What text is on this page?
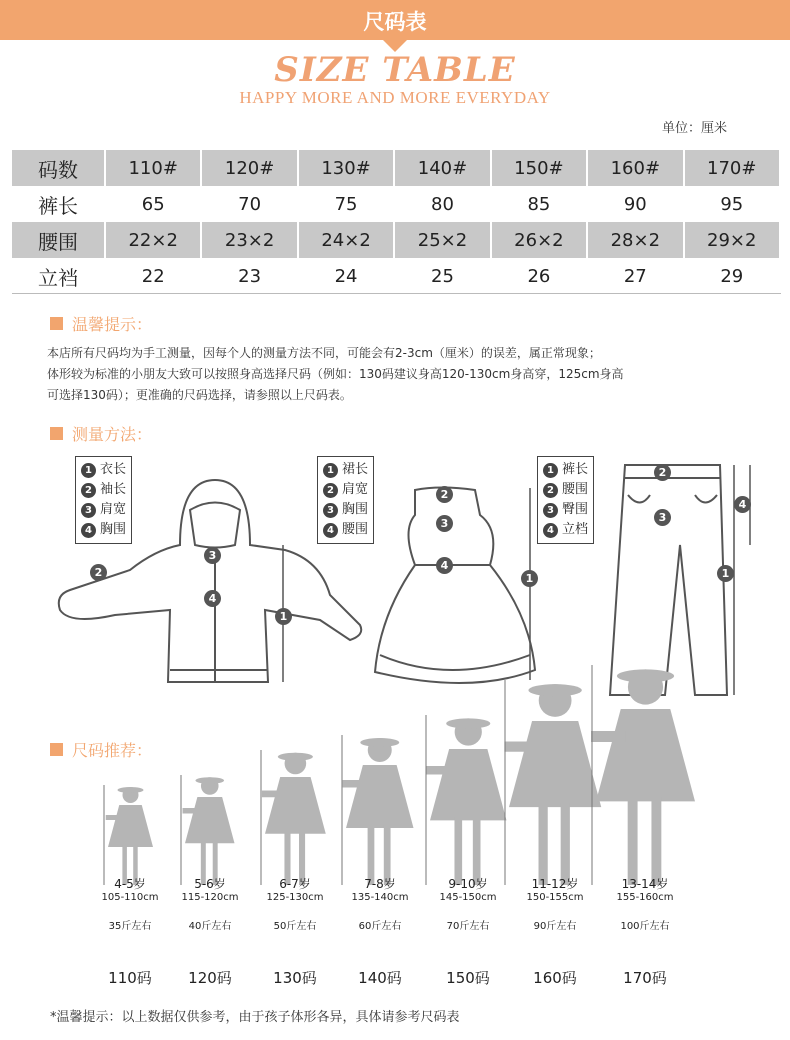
尺码表
SIZE TABLE
HAPPY MORE AND MORE EVERYDAY
单位：厘米
码数	110#	120#	130#	140#	150#	160#	170#
裤长	65	70	75	80	85	90	95
腰围	22×2	23×2	24×2	25×2	26×2	28×2	29×2
立裆	22	23	24	25	26	27	29
温馨提示：
本店所有尺码均为手工测量，因每个人的测量方法不同，可能会有2-3cm（厘米）的误差，属正常现象；
体形较为标准的小朋友大致可以按照身高选择尺码（例如：130码建议身高120-130cm身高穿，125cm身高
可选择130码）；更准确的尺码选择，请参照以上尺码表。
测量方法：
1 衣长
2 袖长
3 肩宽
4 胸围
1 裙长
2 肩宽
3 胸围
4 腰围
1 裤长
2 腰围
3 臀围
4 立档
1
2
3
4
1
2
3
4
1
2
3
4
尺码推荐：
4-5岁
105-110cm
35斤左右
110码
5-6岁
115-120cm
40斤左右
120码
6-7岁
125-130cm
50斤左右
130码
7-8岁
135-140cm
60斤左右
140码
9-10岁
145-150cm
70斤左右
150码
11-12岁
150-155cm
90斤左右
160码
13-14岁
155-160cm
100斤左右
170码
*温馨提示：以上数据仅供参考，由于孩子体形各异，具体请参考尺码表
